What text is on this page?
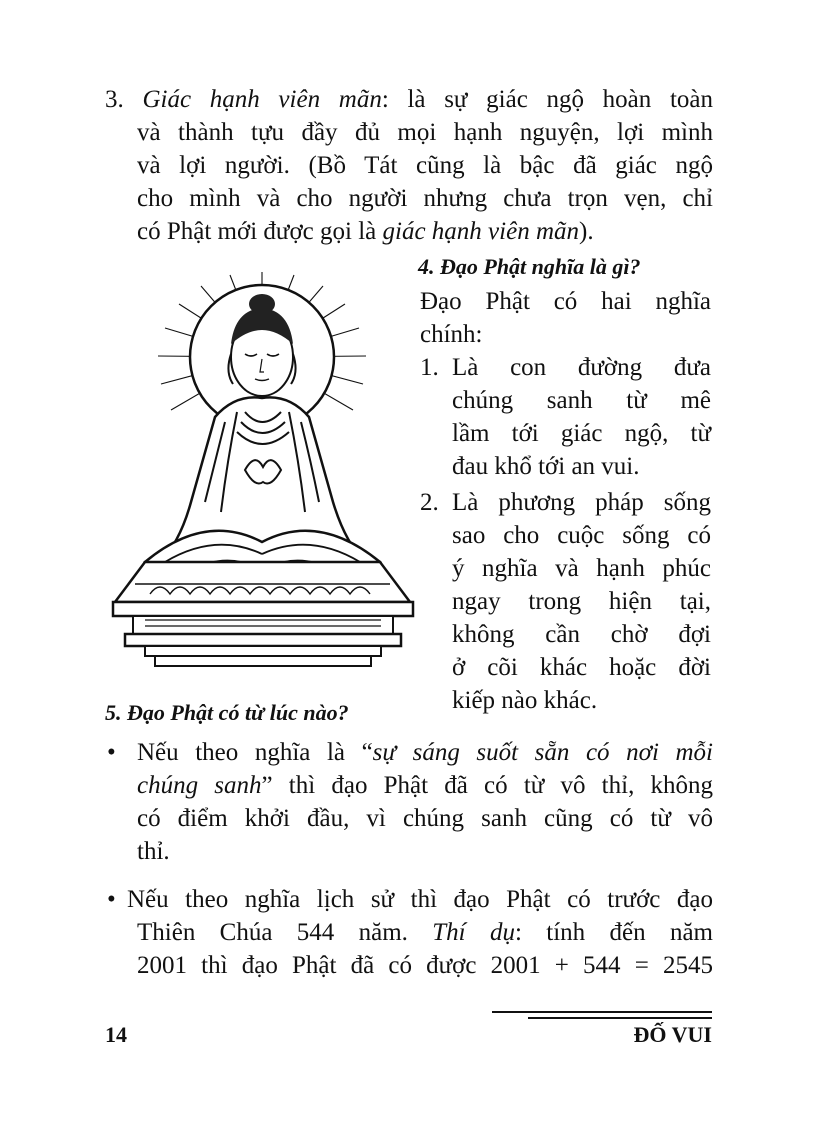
3. Giác hạnh viên mãn: là sự giác ngộ hoàn toàn
và thành tựu đầy đủ mọi hạnh nguyện, lợi mình
và lợi người. (Bồ Tát cũng là bậc đã giác ngộ
cho mình và cho người nhưng chưa trọn vẹn, chỉ
có Phật mới được gọi là giác hạnh viên mãn).
4. Đạo Phật nghĩa là gì?
Đạo Phật có hai nghĩa
chính:
1. Là con đường đưa
chúng sanh từ mê
lầm tới giác ngộ, từ
đau khổ tới an vui.
2. Là phương pháp sống
sao cho cuộc sống có
ý nghĩa và hạnh phúc
ngay trong hiện tại,
không cần chờ đợi
ở cõi khác hoặc đời
kiếp nào khác.
5. Đạo Phật có từ lúc nào?
• Nếu theo nghĩa là “sự sáng suốt sẵn có nơi mỗi
chúng sanh” thì đạo Phật đã có từ vô thỉ, không
có điểm khởi đầu, vì chúng sanh cũng có từ vô
thỉ.
• Nếu theo nghĩa lịch sử thì đạo Phật có trước đạo
Thiên Chúa 544 năm. Thí dụ: tính đến năm
2001 thì đạo Phật đã có được 2001 + 544 = 2545
14	ĐỐ VUI
